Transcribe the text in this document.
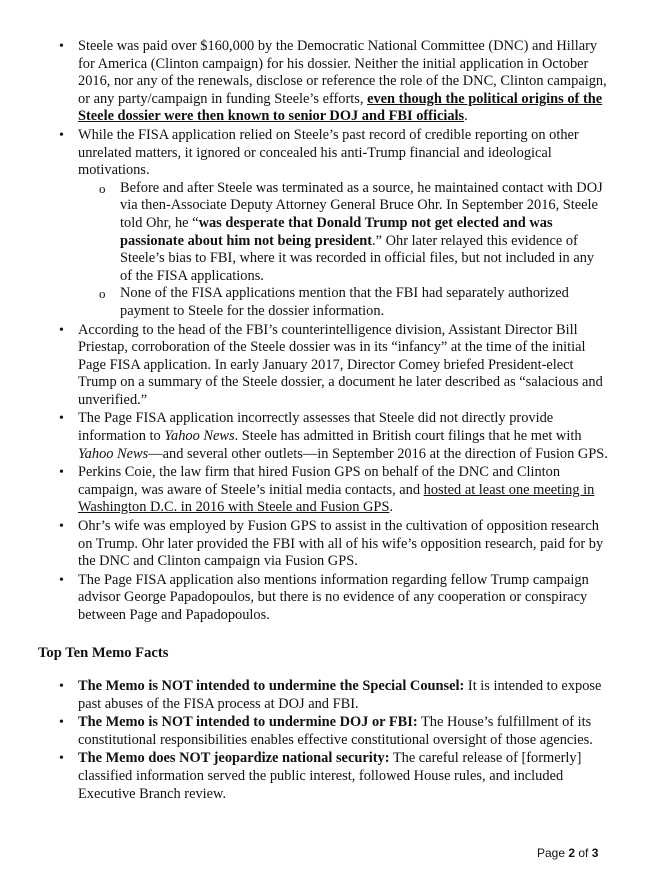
• Steele was paid over $160,000 by the Democratic National Committee (DNC) and Hillary for America (Clinton campaign) for his dossier. Neither the initial application in October 2016, nor any of the renewals, disclose or reference the role of the DNC, Clinton campaign, or any party/campaign in funding Steele’s efforts, even though the political origins of the Steele dossier were then known to senior DOJ and FBI officials.
• While the FISA application relied on Steele’s past record of credible reporting on other unrelated matters, it ignored or concealed his anti-Trump financial and ideological motivations.
o Before and after Steele was terminated as a source, he maintained contact with DOJ via then-Associate Deputy Attorney General Bruce Ohr. In September 2016, Steele told Ohr, he “was desperate that Donald Trump not get elected and was passionate about him not being president.” Ohr later relayed this evidence of Steele’s bias to FBI, where it was recorded in official files, but not included in any of the FISA applications.
o None of the FISA applications mention that the FBI had separately authorized payment to Steele for the dossier information.
• According to the head of the FBI’s counterintelligence division, Assistant Director Bill Priestap, corroboration of the Steele dossier was in its “infancy” at the time of the initial Page FISA application. In early January 2017, Director Comey briefed President-elect Trump on a summary of the Steele dossier, a document he later described as “salacious and unverified.”
• The Page FISA application incorrectly assesses that Steele did not directly provide information to Yahoo News. Steele has admitted in British court filings that he met with Yahoo News—and several other outlets—in September 2016 at the direction of Fusion GPS.
• Perkins Coie, the law firm that hired Fusion GPS on behalf of the DNC and Clinton campaign, was aware of Steele’s initial media contacts, and hosted at least one meeting in Washington D.C. in 2016 with Steele and Fusion GPS.
• Ohr’s wife was employed by Fusion GPS to assist in the cultivation of opposition research on Trump. Ohr later provided the FBI with all of his wife’s opposition research, paid for by the DNC and Clinton campaign via Fusion GPS.
• The Page FISA application also mentions information regarding fellow Trump campaign advisor George Papadopoulos, but there is no evidence of any cooperation or conspiracy between Page and Papadopoulos.
Top Ten Memo Facts
• The Memo is NOT intended to undermine the Special Counsel: It is intended to expose past abuses of the FISA process at DOJ and FBI.
• The Memo is NOT intended to undermine DOJ or FBI: The House’s fulfillment of its constitutional responsibilities enables effective constitutional oversight of those agencies.
• The Memo does NOT jeopardize national security: The careful release of [formerly] classified information served the public interest, followed House rules, and included Executive Branch review.
Page 2 of 3
